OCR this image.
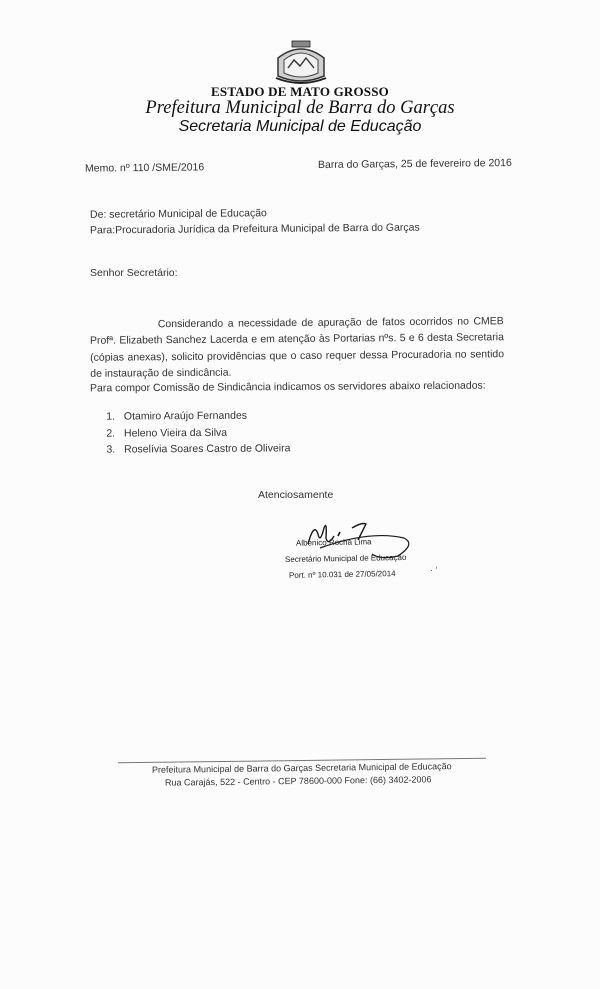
ESTADO DE MATO GROSSO
Prefeitura Municipal de Barra do Garças
Secretaria Municipal de Educação
Memo. nº 110 /SME/2016	Barra do Garças, 25 de fevereiro de 2016
De: secretário Municipal de Educação
Para:Procuradoria Jurídica da Prefeitura Municipal de Barra do Garças
Senhor Secretário:

Considerando a necessidade de apuração de fatos ocorridos no CMEB Profª. Elizabeth Sanchez Lacerda e em atenção às Portarias nºs. 5 e 6 desta Secretaria (cópias anexas), solicito providências que o caso requer dessa Procuradoria no sentido de instauração de sindicância.

Para compor Comissão de Sindicância indicamos os servidores abaixo relacionados:
1. Otamiro Araújo Fernandes
2. Heleno Vieira da Silva
3. Roselívia Soares Castro de Oliveira
Atenciosamente
Albenico Rocha Lima
Secretário Municipal de Educação
Port. nº 10.031 de 27/05/2014	· ‘
Prefeitura Municipal de Barra do Garças Secretaria Municipal de Educação
Rua Carajás, 522 - Centro - CEP 78600-000 Fone: (66) 3402-2006
